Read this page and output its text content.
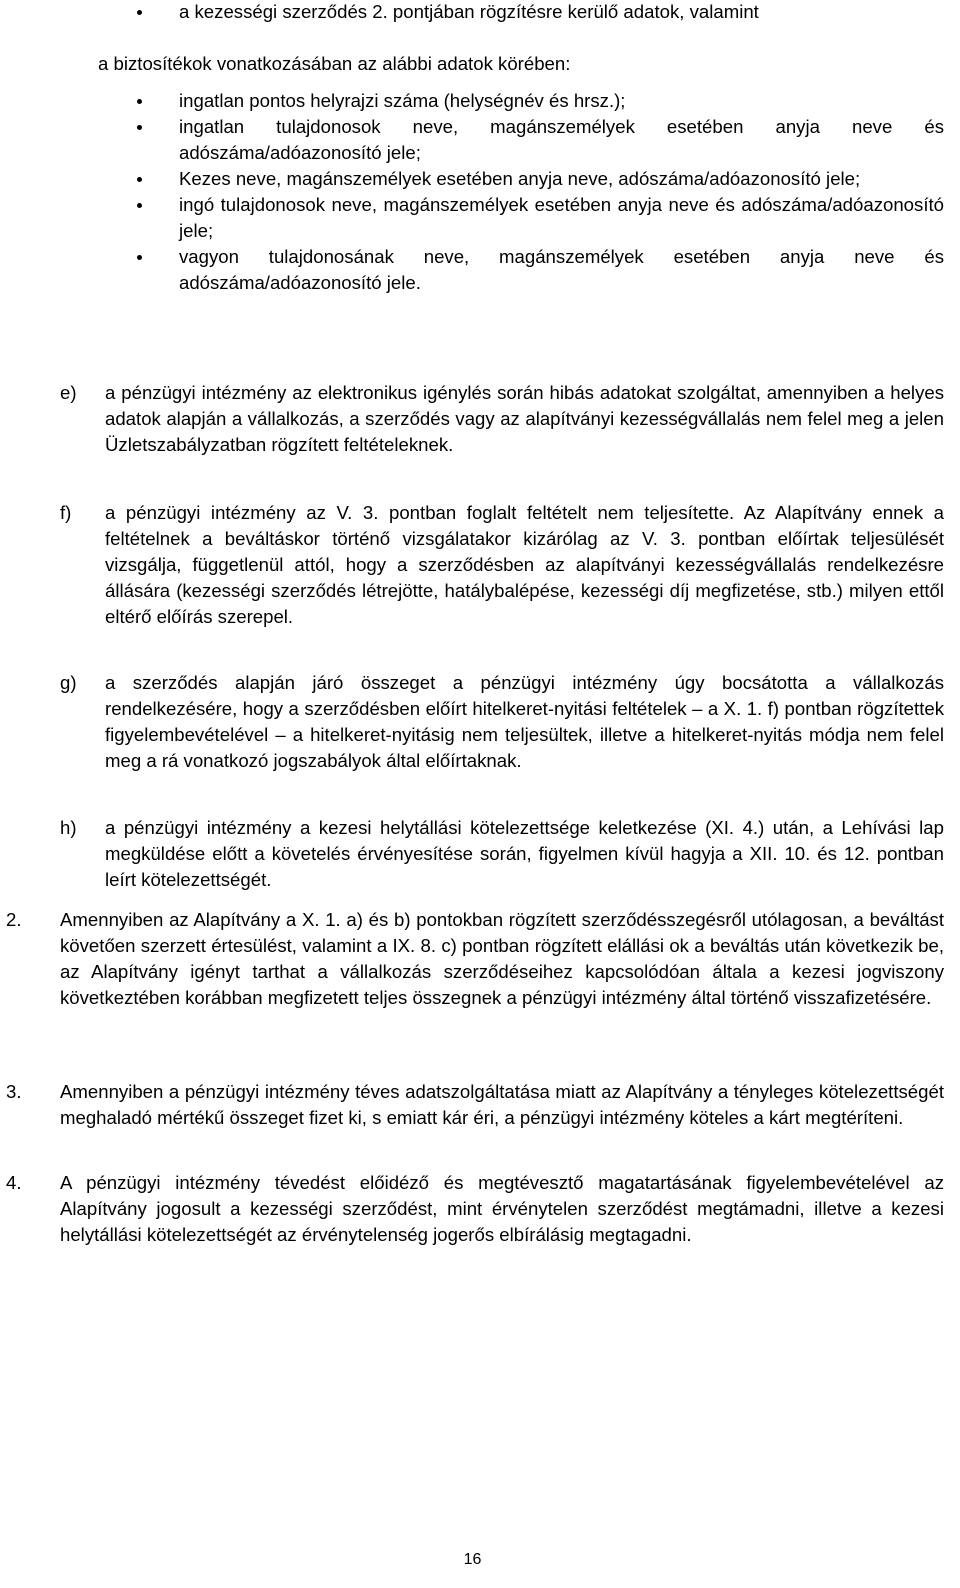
a kezességi szerződés 2. pontjában rögzítésre kerülő adatok, valamint

a biztosítékok vonatkozásában az alábbi adatok körében:

ingatlan pontos helyrajzi száma (helységnév és hrsz.);

ingatlan tulajdonosok neve, magánszemélyek esetében anyja neve és adószáma/adóazonosító jele;

Kezes neve, magánszemélyek esetében anyja neve, adószáma/adóazonosító jele;

ingó tulajdonosok neve, magánszemélyek esetében anyja neve és adószáma/adóazonosító jele;

vagyon tulajdonosának neve, magánszemélyek esetében anyja neve és adószáma/adóazonosító jele.

e) a pénzügyi intézmény az elektronikus igénylés során hibás adatokat szolgáltat, amennyiben a helyes adatok alapján a vállalkozás, a szerződés vagy az alapítványi kezességvállalás nem felel meg a jelen Üzletszabályzatban rögzített feltételeknek.

f) a pénzügyi intézmény az V. 3. pontban foglalt feltételt nem teljesítette. Az Alapítvány ennek a feltételnek a beváltáskor történő vizsgálatakor kizárólag az V. 3. pontban előírtak teljesülését vizsgálja, függetlenül attól, hogy a szerződésben az alapítványi kezességvállalás rendelkezésre állására (kezességi szerződés létrejötte, hatálybalépése, kezességi díj megfizetése, stb.) milyen ettől eltérő előírás szerepel.

g) a szerződés alapján járó összeget a pénzügyi intézmény úgy bocsátotta a vállalkozás rendelkezésére, hogy a szerződésben előírt hitelkeret-nyitási feltételek – a X. 1. f) pontban rögzítettek figyelembevételével – a hitelkeret-nyitásig nem teljesültek, illetve a hitelkeret-nyitás módja nem felel meg a rá vonatkozó jogszabályok által előírtaknak.

h) a pénzügyi intézmény a kezesi helytállási kötelezettsége keletkezése (XI. 4.) után, a Lehívási lap megküldése előtt a követelés érvényesítése során, figyelmen kívül hagyja a XII. 10. és 12. pontban leírt kötelezettségét.

2. Amennyiben az Alapítvány a X. 1. a) és b) pontokban rögzített szerződésszegésről utólagosan, a beváltást követően szerzett értesülést, valamint a IX. 8. c) pontban rögzített elállási ok a beváltás után következik be, az Alapítvány igényt tarthat a vállalkozás szerződéseihez kapcsolódóan általa a kezesi jogviszony következtében korábban megfizetett teljes összegnek a pénzügyi intézmény által történő visszafizetésére.

3. Amennyiben a pénzügyi intézmény téves adatszolgáltatása miatt az Alapítvány a tényleges kötelezettségét meghaladó mértékű összeget fizet ki, s emiatt kár éri, a pénzügyi intézmény köteles a kárt megtéríteni.

4. A pénzügyi intézmény tévedést előidéző és megtévesztő magatartásának figyelembevételével az Alapítvány jogosult a kezességi szerződést, mint érvénytelen szerződést megtámadni, illetve a kezesi helytállási kötelezettségét az érvénytelenség jogerős elbírálásig megtagadni.

16
